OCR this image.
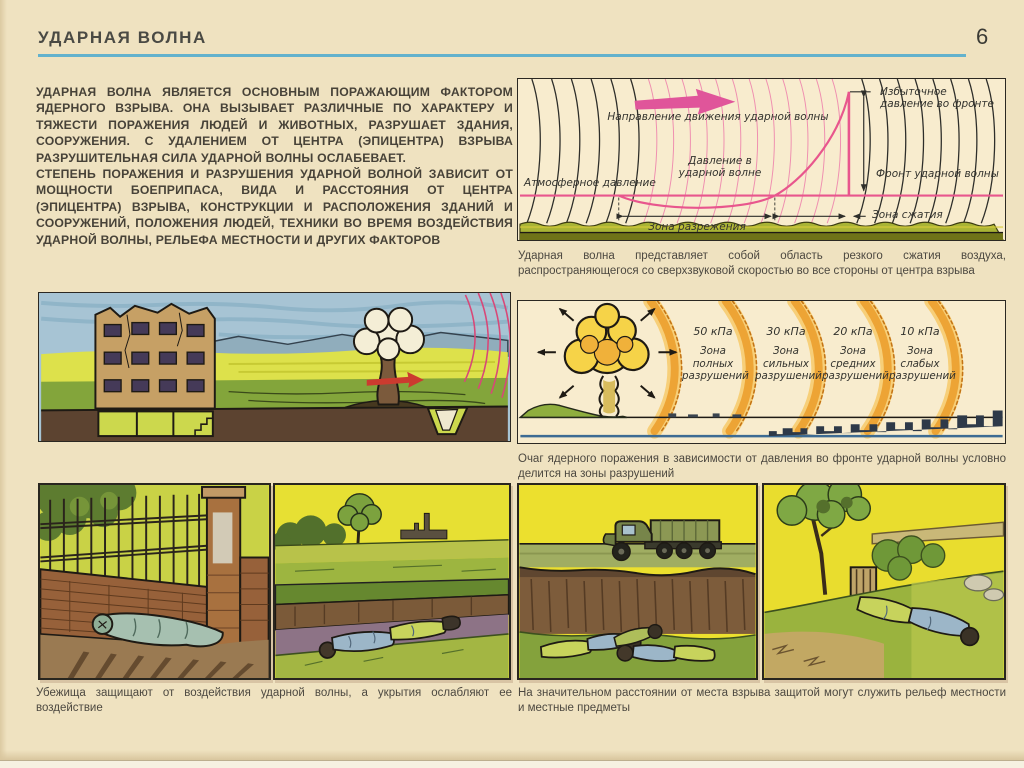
УДАРНАЯ ВОЛНА	6

УДАРНАЯ ВОЛНА ЯВЛЯЕТСЯ ОСНОВНЫМ ПОРАЖАЮЩИМ ФАКТОРОМ ЯДЕРНОГО ВЗРЫВА. ОНА ВЫЗЫВАЕТ РАЗЛИЧНЫЕ ПО ХАРАКТЕРУ И ТЯЖЕСТИ ПОРАЖЕНИЯ ЛЮДЕЙ И ЖИВОТНЫХ, РАЗРУШАЕТ ЗДАНИЯ, СООРУЖЕНИЯ. С УДАЛЕНИЕМ ОТ ЦЕНТРА (ЭПИЦЕНТРА) ВЗРЫВА РАЗРУШИТЕЛЬНАЯ СИЛА УДАРНОЙ ВОЛНЫ ОСЛАБЕВАЕТ.

СТЕПЕНЬ ПОРАЖЕНИЯ И РАЗРУШЕНИЯ УДАРНОЙ ВОЛНОЙ ЗАВИСИТ ОТ МОЩНОСТИ БОЕПРИПАСА, ВИДА И РАССТОЯНИЯ ОТ ЦЕНТРА (ЭПИЦЕНТРА) ВЗРЫВА, КОНСТРУКЦИИ И РАСПОЛОЖЕНИЯ ЗДАНИЙ И СООРУЖЕНИЙ, ПОЛОЖЕНИЯ ЛЮДЕЙ, ТЕХНИКИ ВО ВРЕМЯ ВОЗДЕЙСТВИЯ УДАРНОЙ ВОЛНЫ, РЕЛЬЕФА МЕСТНОСТИ И ДРУГИХ ФАКТОРОВ

Направление движения ударной волны
Избыточное давление во фронте
Атмосферное давление
Давление в ударной волне	Фронт ударной волны
Зона разрежения
Зона сжатия
Ударная волна представляет собой область резкого сжатия воздуха, распространяющегося со сверхзвуковой скоростью во все стороны от центра взрыва
50 кПа
Зона полных разрушений
30 кПа
Зона сильных разрушений
20 кПа
Зона средних разрушений
10 кПа
Зона слабых разрушений
Очаг ядерного поражения в зависимости от давления во фронте ударной волны условно делится на зоны разрушений
Убежища защищают от воздействия ударной волны, а укрытия ослабляют ее воздействие
На значительном расстоянии от места взрыва защитой могут служить рельеф местности и местные предметы
